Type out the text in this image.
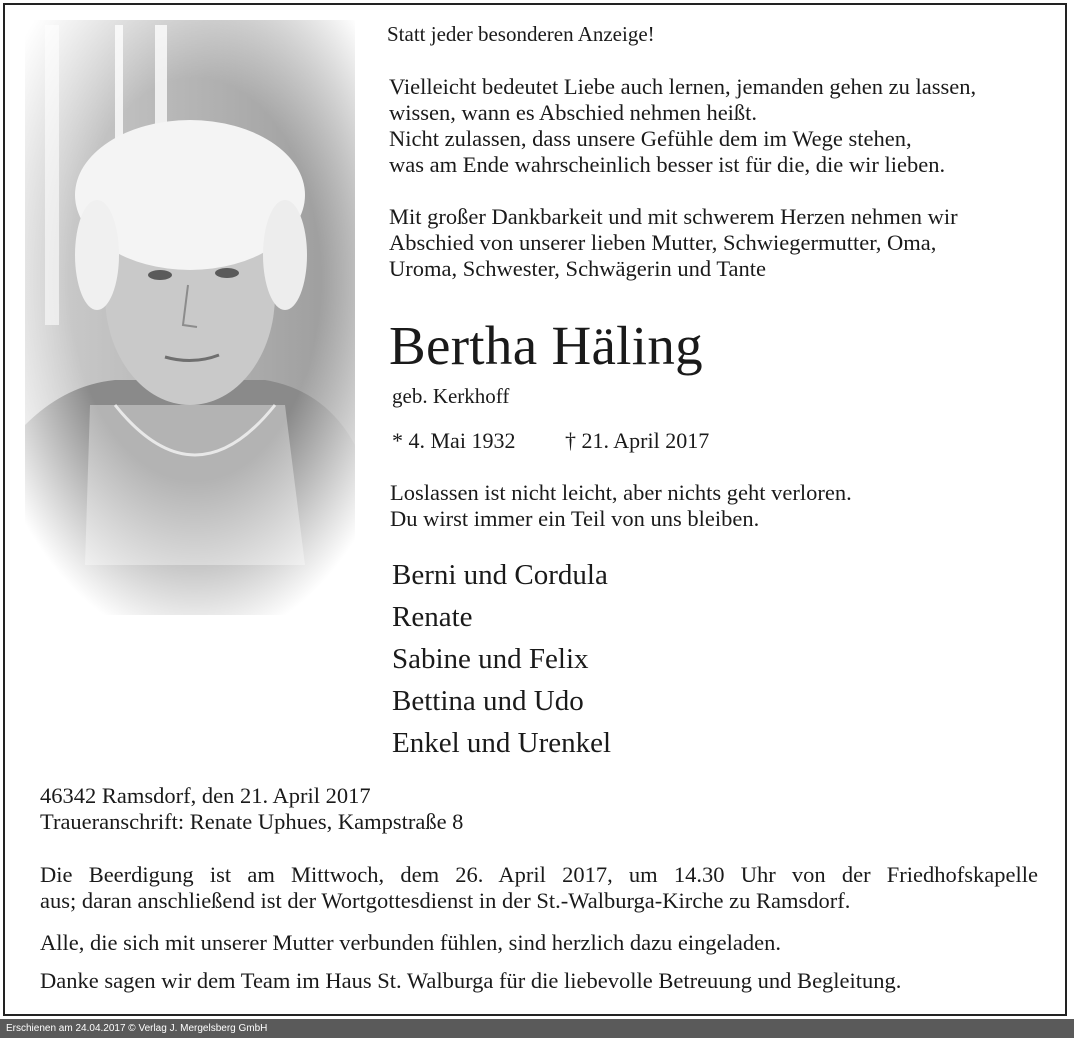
Statt jeder besonderen Anzeige!

Vielleicht bedeutet Liebe auch lernen, jemanden gehen zu lassen,
wissen, wann es Abschied nehmen heißt.
Nicht zulassen, dass unsere Gefühle dem im Wege stehen,
was am Ende wahrscheinlich besser ist für die, die wir lieben.
Mit großer Dankbarkeit und mit schwerem Herzen nehmen wir
Abschied von unserer lieben Mutter, Schwiegermutter, Oma,
Uroma, Schwester, Schwägerin und Tante

Bertha Häling

geb. Kerkhoff

* 4. Mai 1932 † 21. April 2017

Loslassen ist nicht leicht, aber nichts geht verloren.
Du wirst immer ein Teil von uns bleiben.
Berni und Cordula
Renate
Sabine und Felix
Bettina und Udo
Enkel und Urenkel
46342 Ramsdorf, den 21. April 2017
Traueranschrift: Renate Uphues, Kampstraße 8
Die Beerdigung ist am Mittwoch, dem 26. April 2017, um 14.30 Uhr von der Friedhofskapelle
aus; daran anschließend ist der Wortgottesdienst in der St.-Walburga-Kirche zu Ramsdorf.

Alle, die sich mit unserer Mutter verbunden fühlen, sind herzlich dazu eingeladen.

Danke sagen wir dem Team im Haus St. Walburga für die liebevolle Betreuung und Begleitung.

Erschienen am 24.04.2017 © Verlag J. Mergelsberg GmbH
